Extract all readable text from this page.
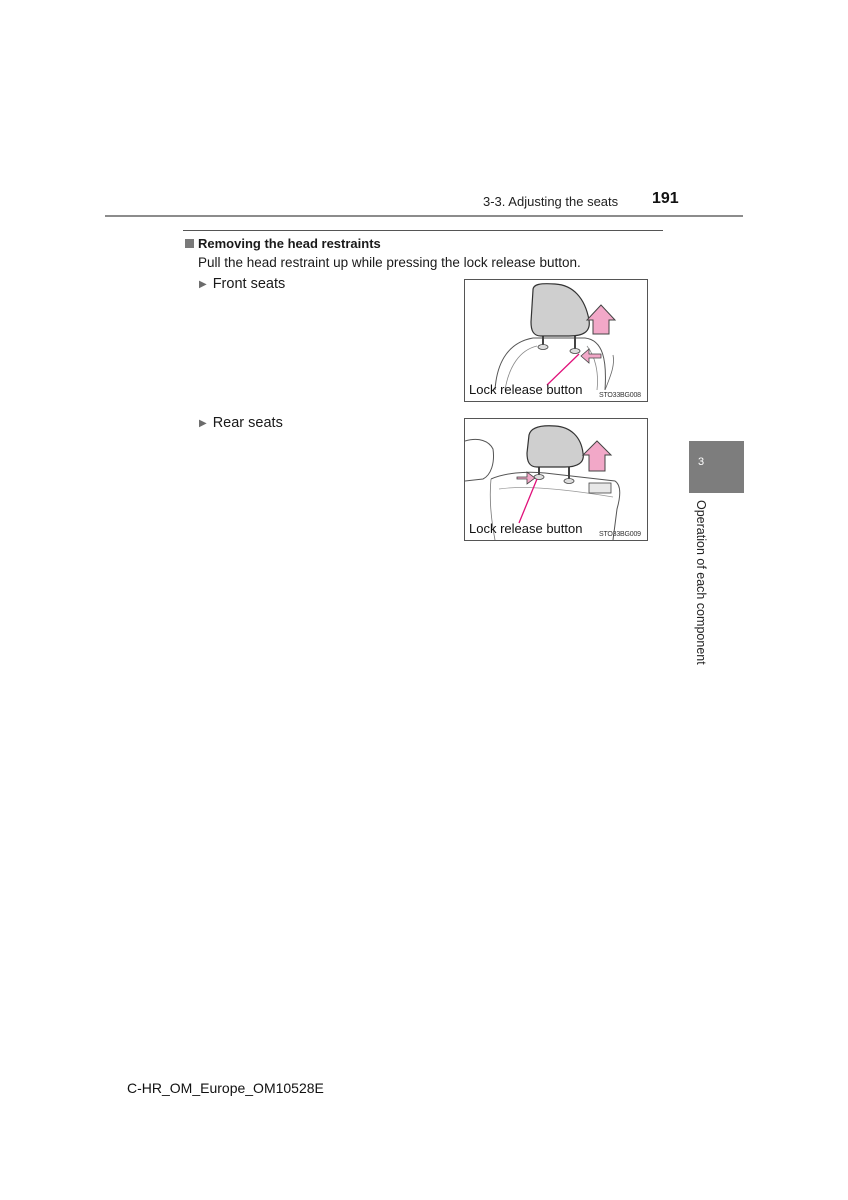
3-3. Adjusting the seats 191
Removing the head restraints
Pull the head restraint up while pressing the lock release button.
▶ Front seats
Lock release button STO33BG008
▶ Rear seats
Lock release button STO33BG009
3
Operation of each component
C-HR_OM_Europe_OM10528E
